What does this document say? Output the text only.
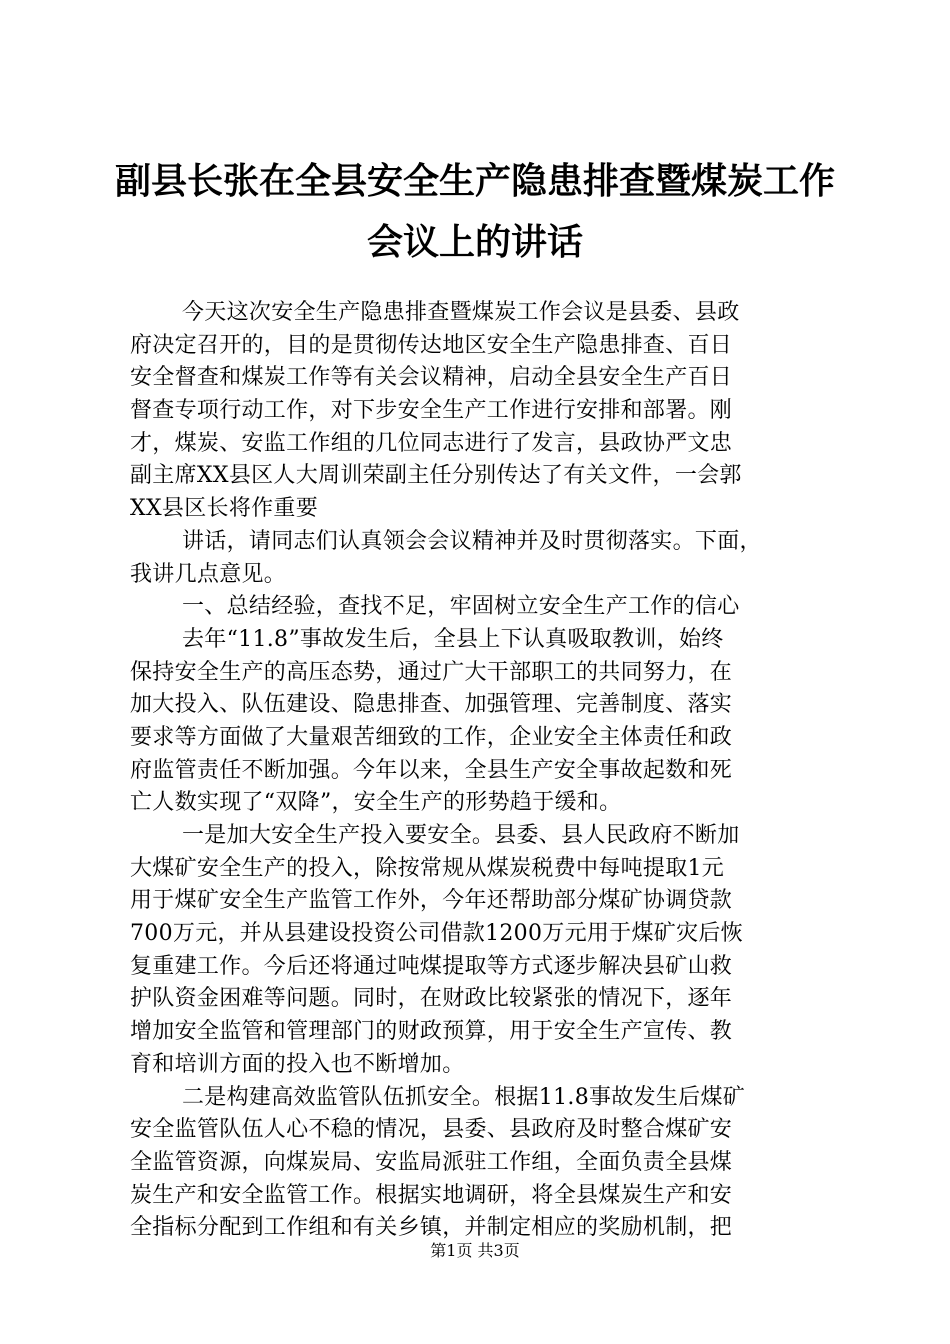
副县长张在全县安全生产隐患排查暨煤炭工作
会议上的讲话
今天这次安全生产隐患排查暨煤炭工作会议是县委、县政
府决定召开的，目的是贯彻传达地区安全生产隐患排查、百日
安全督查和煤炭工作等有关会议精神，启动全县安全生产百日
督查专项行动工作，对下步安全生产工作进行安排和部署。刚
才，煤炭、安监工作组的几位同志进行了发言，县政协严文忠
副主席XX县区人大周训荣副主任分别传达了有关文件，一会郭
XX县区长将作重要
讲话，请同志们认真领会会议精神并及时贯彻落实。下面，
我讲几点意见。
一、总结经验，查找不足，牢固树立安全生产工作的信心
去年“11.8”事故发生后，全县上下认真吸取教训，始终
保持安全生产的高压态势，通过广大干部职工的共同努力，在
加大投入、队伍建设、隐患排查、加强管理、完善制度、落实
要求等方面做了大量艰苦细致的工作，企业安全主体责任和政
府监管责任不断加强。今年以来，全县生产安全事故起数和死
亡人数实现了“双降”，安全生产的形势趋于缓和。
一是加大安全生产投入要安全。县委、县人民政府不断加
大煤矿安全生产的投入，除按常规从煤炭税费中每吨提取1元
用于煤矿安全生产监管工作外，今年还帮助部分煤矿协调贷款
700万元，并从县建设投资公司借款1200万元用于煤矿灾后恢
复重建工作。今后还将通过吨煤提取等方式逐步解决县矿山救
护队资金困难等问题。同时，在财政比较紧张的情况下，逐年
增加安全监管和管理部门的财政预算，用于安全生产宣传、教
育和培训方面的投入也不断增加。
二是构建高效监管队伍抓安全。根据11.8事故发生后煤矿
安全监管队伍人心不稳的情况，县委、县政府及时整合煤矿安
全监管资源，向煤炭局、安监局派驻工作组，全面负责全县煤
炭生产和安全监管工作。根据实地调研，将全县煤炭生产和安
全指标分配到工作组和有关乡镇，并制定相应的奖励机制，把
第1页 共3页
